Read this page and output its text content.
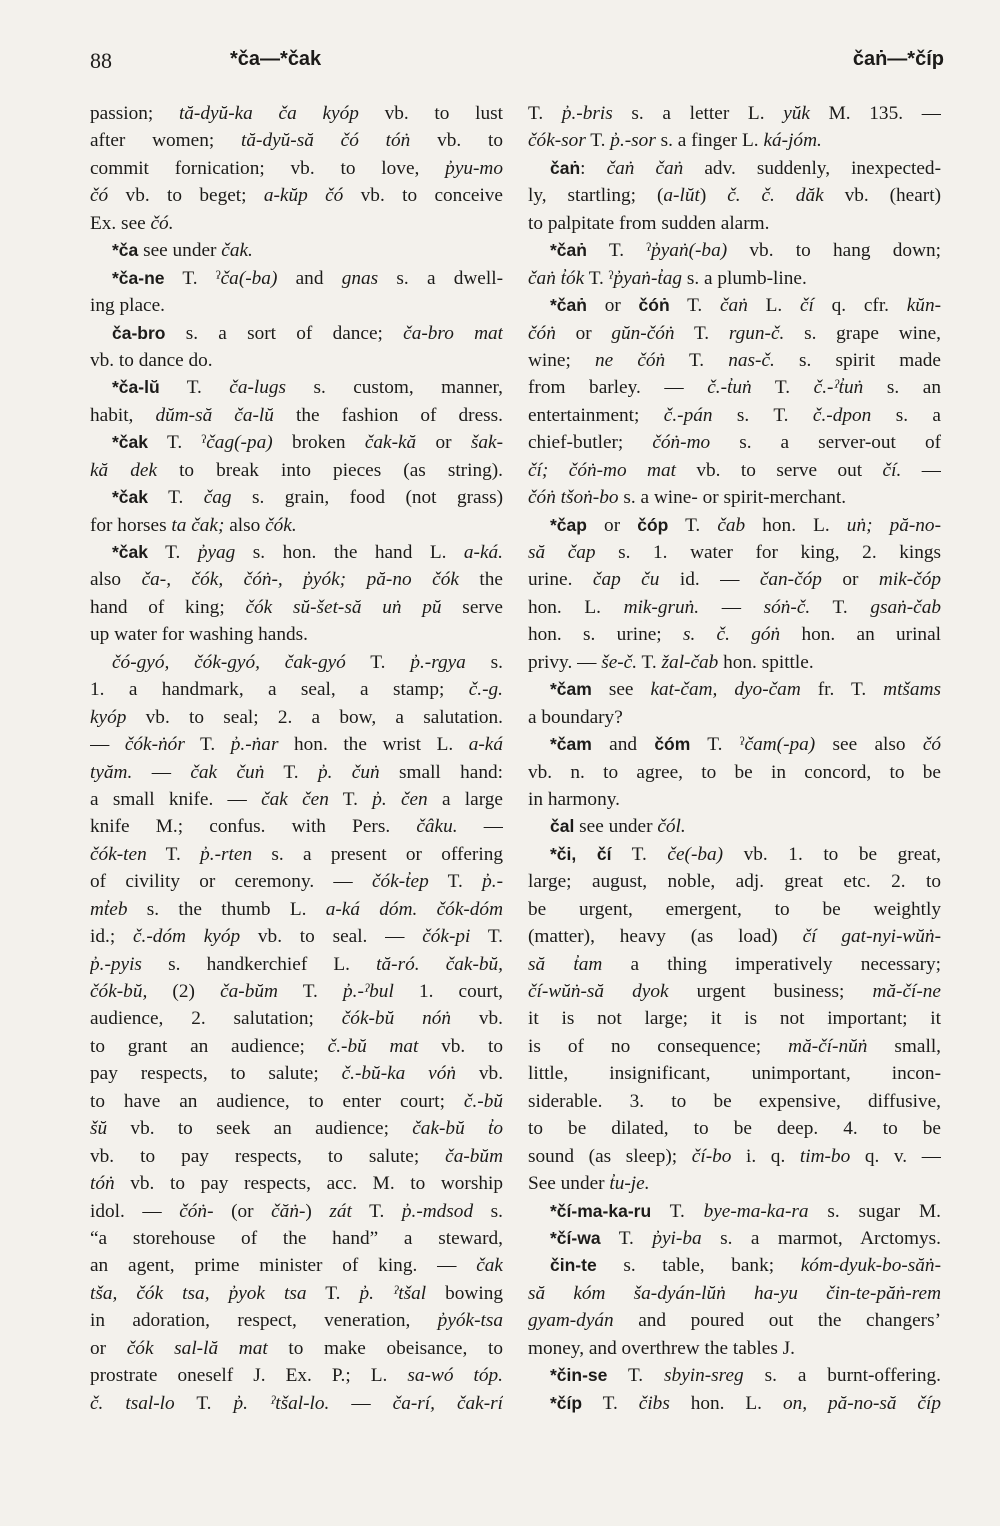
88	*ča—*čak	čaṅ—*číp
passion; tă-dyŭ-ka ča kyóp vb. to lust
after women; tă-dyŭ-să čó tóṅ vb. to
commit fornication; vb. to love, p̓yu-mo
čó vb. to beget; a-kŭp čó vb. to conceive
Ex. see čó.
*ča see under čak.
*ča-ne T. ˀča(-ba) and gnas s. a dwell-
ing place.
ča-bro s. a sort of dance; ča-bro mat
vb. to dance do.
*ča-lŭ T. ča-lugs s. custom, manner,
habit, dŭm-să ča-lŭ the fashion of dress.
*čak T. ˀčag(-pa) broken čak-kă or šak-
kă dek to break into pieces (as string).
*čak T. čag s. grain, food (not grass)
for horses ta čak; also čók.
*čak T. p̓yag s. hon. the hand L. a-ká.
also ča-, čók, čóṅ-, p̓yók; pă-no čók the
hand of king; čók sŭ-šet-să uṅ pŭ serve
up water for washing hands.
čó-gyó, čók-gyó, čak-gyó T. p̓.-rgya s.
1. a handmark, a seal, a stamp; č.-g.
kyóp vb. to seal; 2. a bow, a salutation.
— čók-ṅór T. p̓.-ṅar hon. the wrist L. a-ká
tyăm. — čak čuṅ T. p̓. čuṅ small hand:
a small knife. — čak čen T. p̓. čen a large
knife M.; confus. with Pers. čâku. —
čók-ten T. p̓.-rten s. a present or offering
of civility or ceremony. — čók-t̓ep T. p̓.-
mt̓eb s. the thumb L. a-ká dóm. čók-dóm
id.; č.-dóm kyóp vb. to seal. — čók-pi T.
p̓.-pyis s. handkerchief L. tă-ró. čak-bŭ,
čók-bŭ, (2) ča-bŭm T. p̓.-ˀbul 1. court,
audience, 2. salutation; čók-bŭ nóṅ vb.
to grant an audience; č.-bŭ mat vb. to
pay respects, to salute; č.-bŭ-ka vóṅ vb.
to have an audience, to enter court; č.-bŭ
šŭ vb. to seek an audience; čak-bŭ t̓o
vb. to pay respects, to salute; ča-bŭm
tóṅ vb. to pay respects, acc. M. to worship
idol. — čóṅ- (or čăṅ-) zát T. p̓.-mdsod s.
“a storehouse of the hand” a steward,
an agent, prime minister of king. — čak
tša, čók tsa, p̓yok tsa T. p̓. ˀtšal bowing
in adoration, respect, veneration, p̓yók-tsa
or čók sal-lă mat to make obeisance, to
prostrate oneself J. Ex. P.; L. sa-wó tóp.
č. tsal-lo T. p̓. ˀtšal-lo. — ča-rí, čak-rí
T. p̓.-bris s. a letter L. yŭk M. 135. —
čók-sor T. p̓.-sor s. a finger L. ká-jóm.
čaṅ: čaṅ čaṅ adv. suddenly, inexpected-
ly, startling; (a-lŭt) č. č. dăk vb. (heart)
to palpitate from sudden alarm.
*čaṅ T. ˀp̓yaṅ(-ba) vb. to hang down;
čaṅ t̓ók T. ˀp̓yaṅ-t̓ag s. a plumb-line.
*čaṅ or čóṅ T. čaṅ L. čí q. cfr. kŭn-
čóṅ or gŭn-čóṅ T. rgun-č. s. grape wine,
wine; ne čóṅ T. nas-č. s. spirit made
from barley. — č.-t̓uṅ T. č.-ˀt̓uṅ s. an
entertainment; č.-pán s. T. č.-dpon s. a
chief-butler; čóṅ-mo s. a server-out of
čí; čóṅ-mo mat vb. to serve out čí. —
čóṅ tšoṅ-bo s. a wine- or spirit-merchant.
*čap or čóp T. čab hon. L. uṅ; pă-no-
să čap s. 1. water for king, 2. kings
urine. čap ču id. — čan-čóp or mik-čóp
hon. L. mik-gruṅ. — sóṅ-č. T. gsaṅ-čab
hon. s. urine; s. č. góṅ hon. an urinal
privy. — še-č. T. žal-čab hon. spittle.
*čam see kat-čam, dyo-čam fr. T. mtšams
a boundary?
*čam and čóm T. ˀčam(-pa) see also čó
vb. n. to agree, to be in concord, to be
in harmony.
čal see under čól.
*či, čí T. če(-ba) vb. 1. to be great,
large; august, noble, adj. great etc. 2. to
be urgent, emergent, to be weightly
(matter), heavy (as load) čí gat-nyi-wŭṅ-
să t̓am a thing imperatively necessary;
čí-wŭṅ-să dyok urgent business; mă-čí-ne
it is not large; it is not important; it
is of no consequence; mă-čí-nŭṅ small,
little, insignificant, unimportant, incon-
siderable. 3. to be expensive, diffusive,
to be dilated, to be deep. 4. to be
sound (as sleep); čí-bo i. q. tim-bo q. v. —
See under t̓u-je.
*čí-ma-ka-ru T. bye-ma-ka-ra s. sugar M.
*čí-wa T. p̓yi-ba s. a marmot, Arctomys.
čin-te s. table, bank; kóm-dyuk-bo-săṅ-
să kóm ša-dyán-lŭṅ ha-yu čin-te-păṅ-rem
gyam-dyán and poured out the changers’
money, and overthrew the tables J.
*čin-se T. sbyin-sreg s. a burnt-offering.
*číp T. čibs hon. L. on, pă-no-să číp
